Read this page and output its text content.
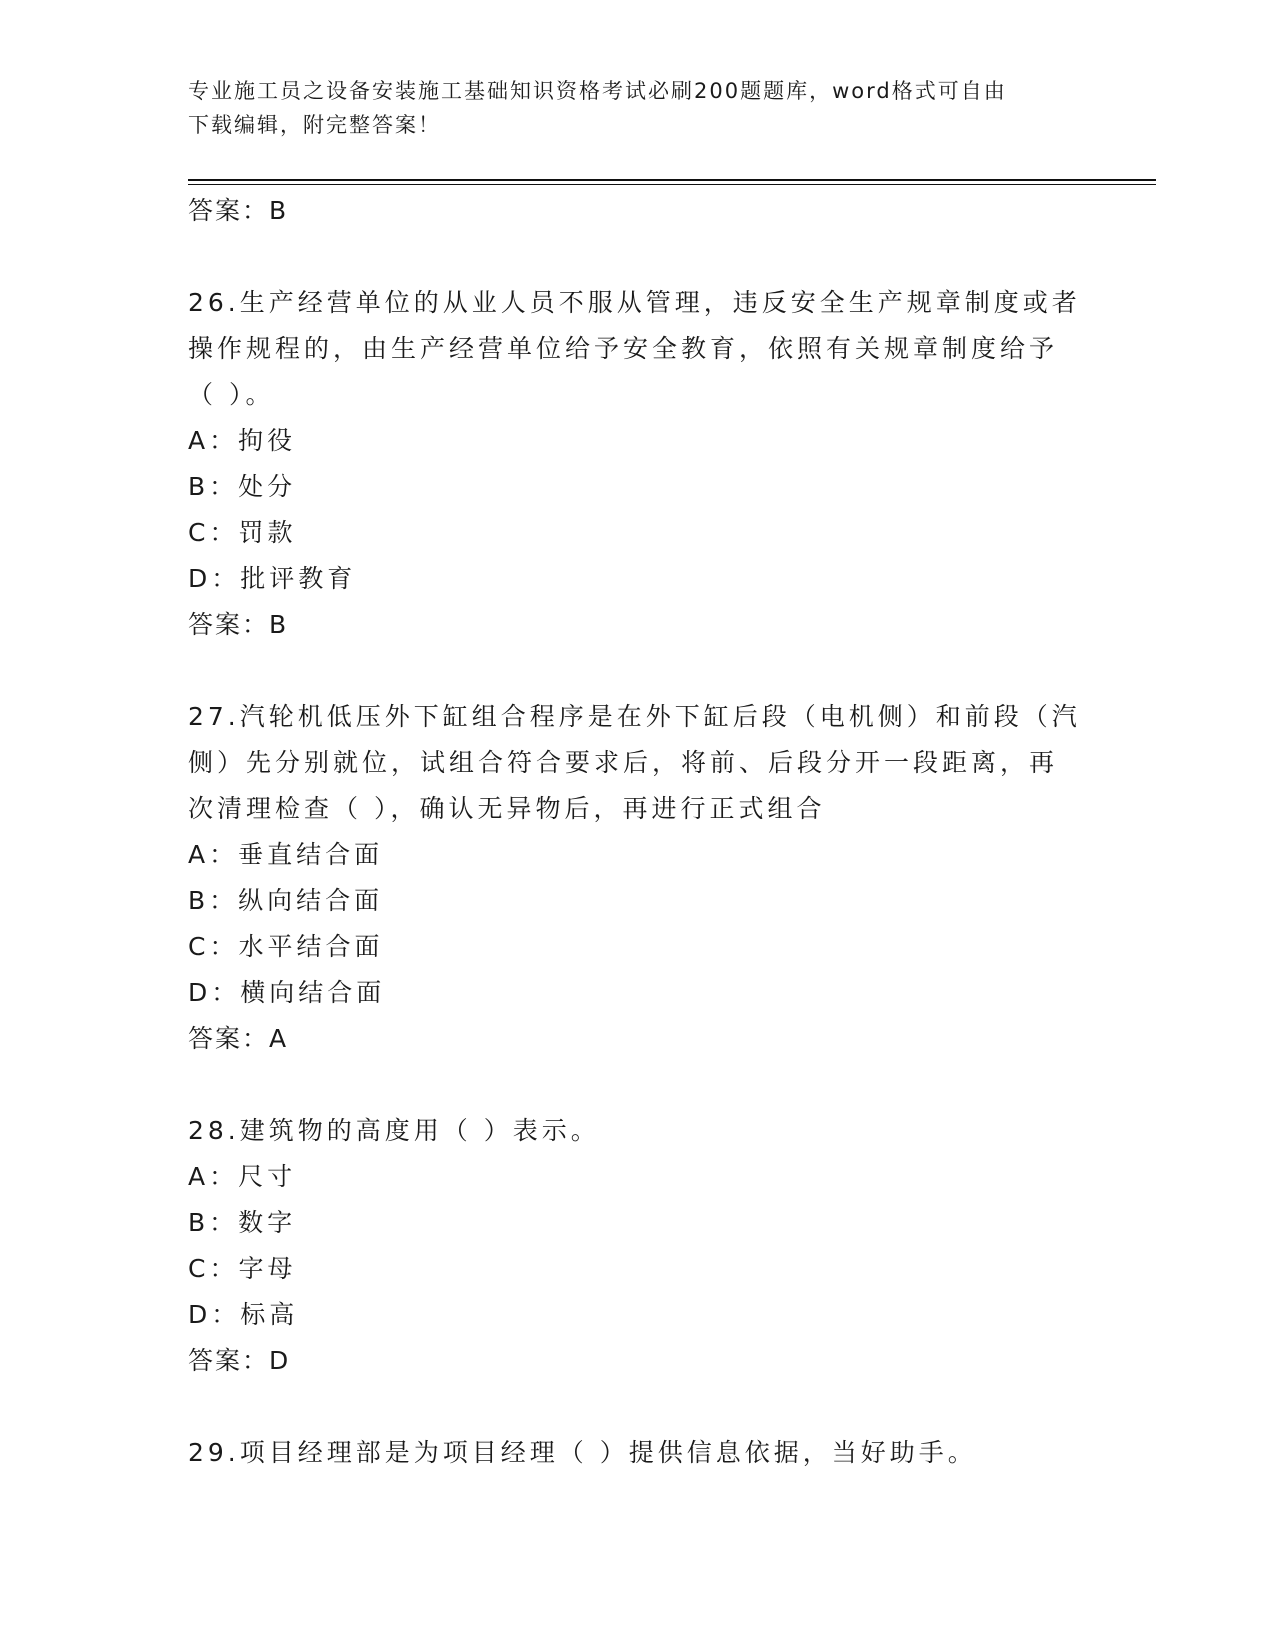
专业施工员之设备安装施工基础知识资格考试必刷200题题库，word格式可自由
下载编辑，附完整答案！
答案：B
26.生产经营单位的从业人员不服从管理，违反安全生产规章制度或者
操作规程的，由生产经营单位给予安全教育，依照有关规章制度给予
（ ）。
A：拘役
B：处分
C：罚款
D：批评教育
答案：B
27.汽轮机低压外下缸组合程序是在外下缸后段（电机侧）和前段（汽
侧）先分别就位，试组合符合要求后，将前、后段分开一段距离，再
次清理检查（ ），确认无异物后，再进行正式组合
A：垂直结合面
B：纵向结合面
C：水平结合面
D：横向结合面
答案：A
28.建筑物的高度用（ ）表示。
A：尺寸
B：数字
C：字母
D：标高
答案：D
29.项目经理部是为项目经理（ ）提供信息依据，当好助手。
